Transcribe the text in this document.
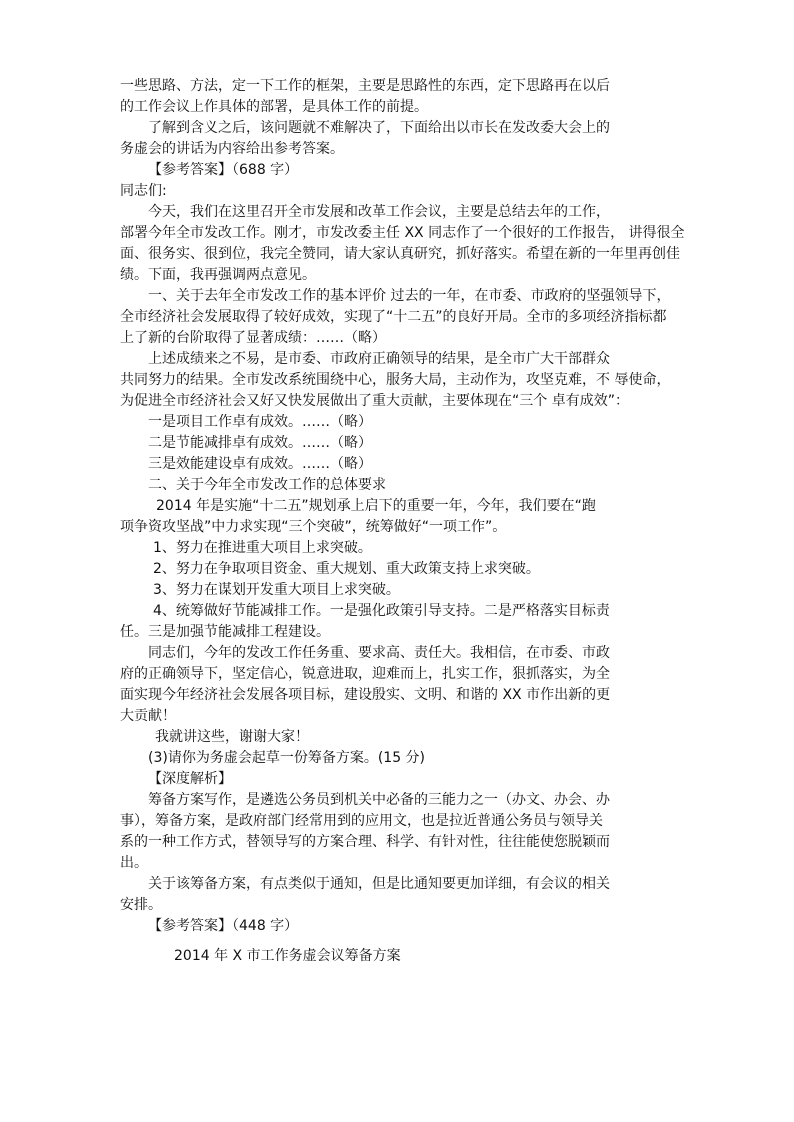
一些思路、方法，定一下工作的框架，主要是思路性的东西，定下思路再在以后
的工作会议上作具体的部署，是具体工作的前提。
了解到含义之后，该问题就不难解决了，下面给出以市长在发改委大会上的
务虚会的讲话为内容给出参考答案。
【参考答案】（688 字）
同志们:
今天，我们在这里召开全市发展和改革工作会议，主要是总结去年的工作，
部署今年全市发改工作。刚才，市发改委主任 XX 同志作了一个很好的工作报告， 讲得很全
面、很务实、很到位，我完全赞同，请大家认真研究，抓好落实。希望在新的一年里再创佳
绩。下面，我再强调两点意见。
一、关于去年全市发改工作的基本评价 过去的一年，在市委、市政府的坚强领导下，
全市经济社会发展取得了较好成效，实现了“十二五”的良好开局。全市的多项经济指标都
上了新的台阶取得了显著成绩：……（略）
上述成绩来之不易，是市委、市政府正确领导的结果，是全市广大干部群众
共同努力的结果。全市发改系统围绕中心，服务大局，主动作为，攻坚克难，不 辱使命，
为促进全市经济社会又好又快发展做出了重大贡献，主要体现在“三个 卓有成效”：
一是项目工作卓有成效。……（略）
二是节能减排卓有成效。……（略）
三是效能建设卓有成效。……（略）
二、关于今年全市发改工作的总体要求
2014 年是实施“十二五”规划承上启下的重要一年，今年，我们要在“跑
项争资攻坚战”中力求实现“三个突破”，统筹做好“一项工作”。
1、努力在推进重大项目上求突破。
2、努力在争取项目资金、重大规划、重大政策支持上求突破。
3、努力在谋划开发重大项目上求突破。
4、统筹做好节能减排工作。一是强化政策引导支持。二是严格落实目标责
任。三是加强节能减排工程建设。
同志们，今年的发改工作任务重、要求高、责任大。我相信，在市委、市政
府的正确领导下，坚定信心，锐意进取，迎难而上，扎实工作，狠抓落实，为全
面实现今年经济社会发展各项目标，建设殷实、文明、和谐的 XX 市作出新的更
大贡献！
我就讲这些，谢谢大家！
(3)请你为务虚会起草一份筹备方案。(15 分)
【深度解析】
筹备方案写作，是遴选公务员到机关中必备的三能力之一（办文、办会、办
事），筹备方案，是政府部门经常用到的应用文，也是拉近普通公务员与领导关
系的一种工作方式，替领导写的方案合理、科学、有针对性，往往能使您脱颖而
出。
关于该筹备方案，有点类似于通知，但是比通知要更加详细，有会议的相关
安排。
【参考答案】（448 字）
2014 年 X 市工作务虚会议筹备方案
